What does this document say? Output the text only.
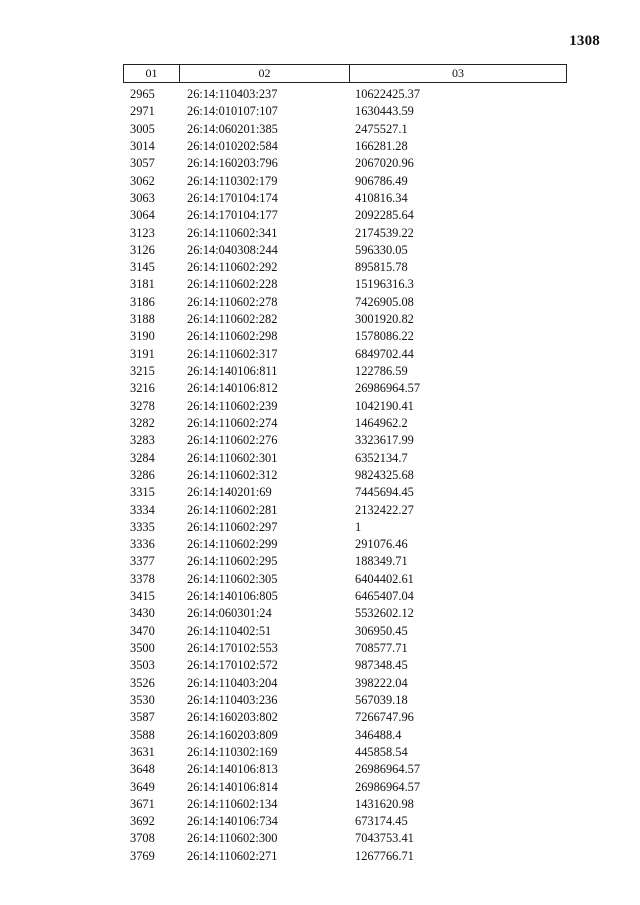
1308
01	02	03
2965	26:14:110403:237	10622425.37
2971	26:14:010107:107	1630443.59
3005	26:14:060201:385	2475527.1
3014	26:14:010202:584	166281.28
3057	26:14:160203:796	2067020.96
3062	26:14:110302:179	906786.49
3063	26:14:170104:174	410816.34
3064	26:14:170104:177	2092285.64
3123	26:14:110602:341	2174539.22
3126	26:14:040308:244	596330.05
3145	26:14:110602:292	895815.78
3181	26:14:110602:228	15196316.3
3186	26:14:110602:278	7426905.08
3188	26:14:110602:282	3001920.82
3190	26:14:110602:298	1578086.22
3191	26:14:110602:317	6849702.44
3215	26:14:140106:811	122786.59
3216	26:14:140106:812	26986964.57
3278	26:14:110602:239	1042190.41
3282	26:14:110602:274	1464962.2
3283	26:14:110602:276	3323617.99
3284	26:14:110602:301	6352134.7
3286	26:14:110602:312	9824325.68
3315	26:14:140201:69	7445694.45
3334	26:14:110602:281	2132422.27
3335	26:14:110602:297	1
3336	26:14:110602:299	291076.46
3377	26:14:110602:295	188349.71
3378	26:14:110602:305	6404402.61
3415	26:14:140106:805	6465407.04
3430	26:14:060301:24	5532602.12
3470	26:14:110402:51	306950.45
3500	26:14:170102:553	708577.71
3503	26:14:170102:572	987348.45
3526	26:14:110403:204	398222.04
3530	26:14:110403:236	567039.18
3587	26:14:160203:802	7266747.96
3588	26:14:160203:809	346488.4
3631	26:14:110302:169	445858.54
3648	26:14:140106:813	26986964.57
3649	26:14:140106:814	26986964.57
3671	26:14:110602:134	1431620.98
3692	26:14:140106:734	673174.45
3708	26:14:110602:300	7043753.41
3769	26:14:110602:271	1267766.71
